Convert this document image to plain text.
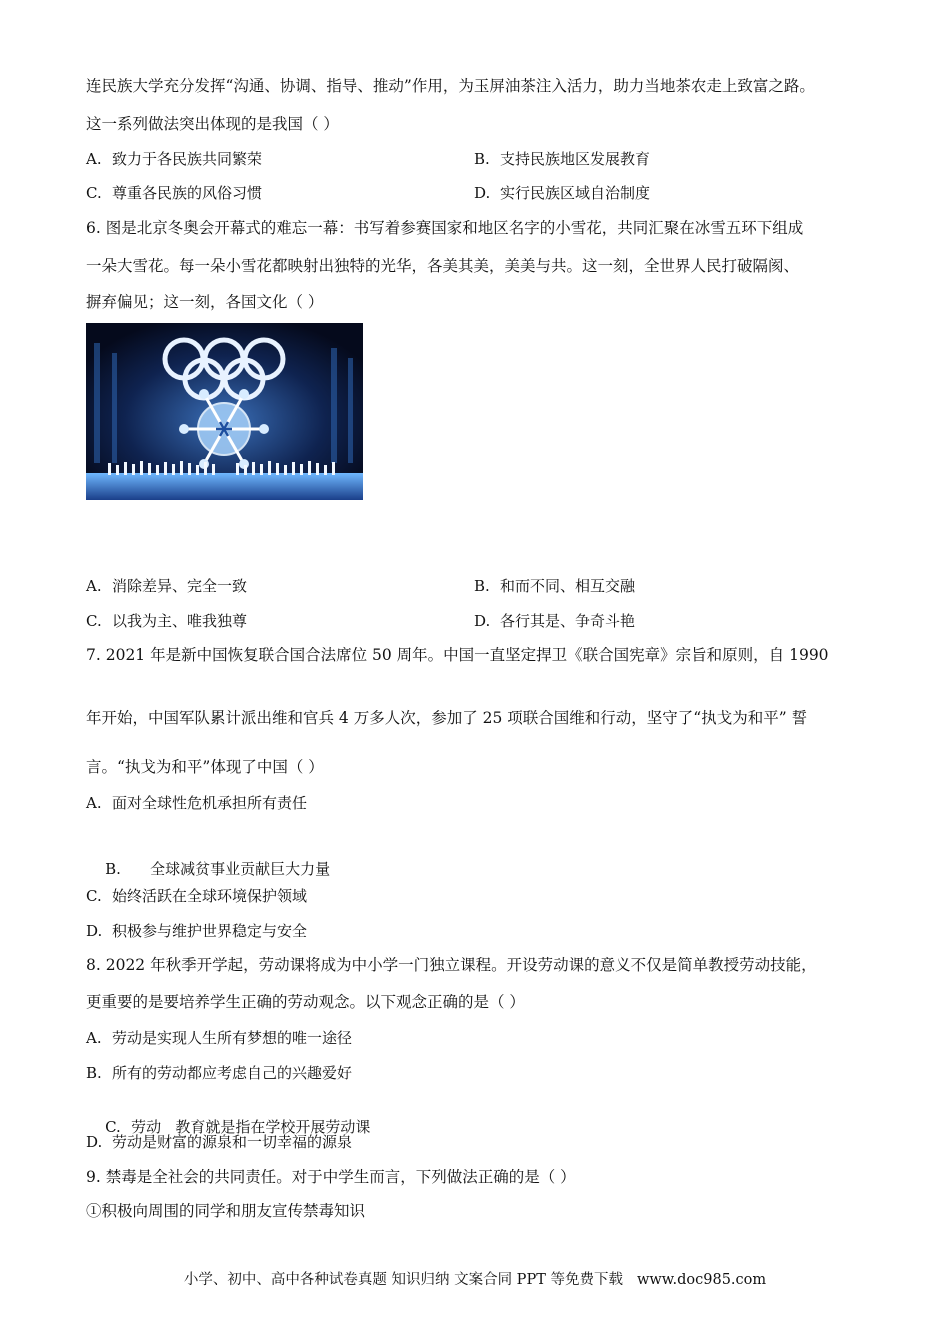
连民族大学充分发挥“沟通、协调、指导、推动”作用，为玉屏油茶注入活力，助力当地茶农走上致富之路。
这一系列做法突出体现的是我国（ ）
A. 致力于各民族共同繁荣	B. 支持民族地区发展教育
C. 尊重各民族的风俗习惯	D. 实行民族区域自治制度
6. 图是北京冬奥会开幕式的难忘一幕：书写着参赛国家和地区名字的小雪花，共同汇聚在冰雪五环下组成
一朵大雪花。每一朵小雪花都映射出独特的光华，各美其美，美美与共。这一刻，全世界人民打破隔阂、
摒弃偏见；这一刻，各国文化（ ）
A. 消除差异、完全一致	B. 和而不同、相互交融
C. 以我为主、唯我独尊	D. 各行其是、争奇斗艳
7. 2021 年是新中国恢复联合国合法席位 50 周年。中国一直坚定捍卫《联合国宪章》宗旨和原则，自 1990
年开始，中国军队累计派出维和官兵 4 万多人次，参加了 25 项联合国维和行动，坚守了“执戈为和平” 誓
言。“执戈为和平”体现了中国（ ）
A. 面对全球性危机承担所有责任

B.    全球减贫事业贡献巨大力量

C. 始终活跃在全球环境保护领域
D. 积极参与维护世界稳定与安全
8. 2022 年秋季开学起，劳动课将成为中小学一门独立课程。开设劳动课的意义不仅是简单教授劳动技能，
更重要的是要培养学生正确的劳动观念。以下观念正确的是（ ）
A. 劳动是实现人生所有梦想的唯一途径
B. 所有的劳动都应考虑自己的兴趣爱好

C. 劳动   教育就是指在学校开展劳动课

D. 劳动是财富的源泉和一切幸福的源泉
9. 禁毒是全社会的共同责任。对于中学生而言，下列做法正确的是（ ）
①积极向周围的同学和朋友宣传禁毒知识
小学、初中、高中各种试卷真题 知识归纳 文案合同 PPT 等免费下载 www.doc985.com
